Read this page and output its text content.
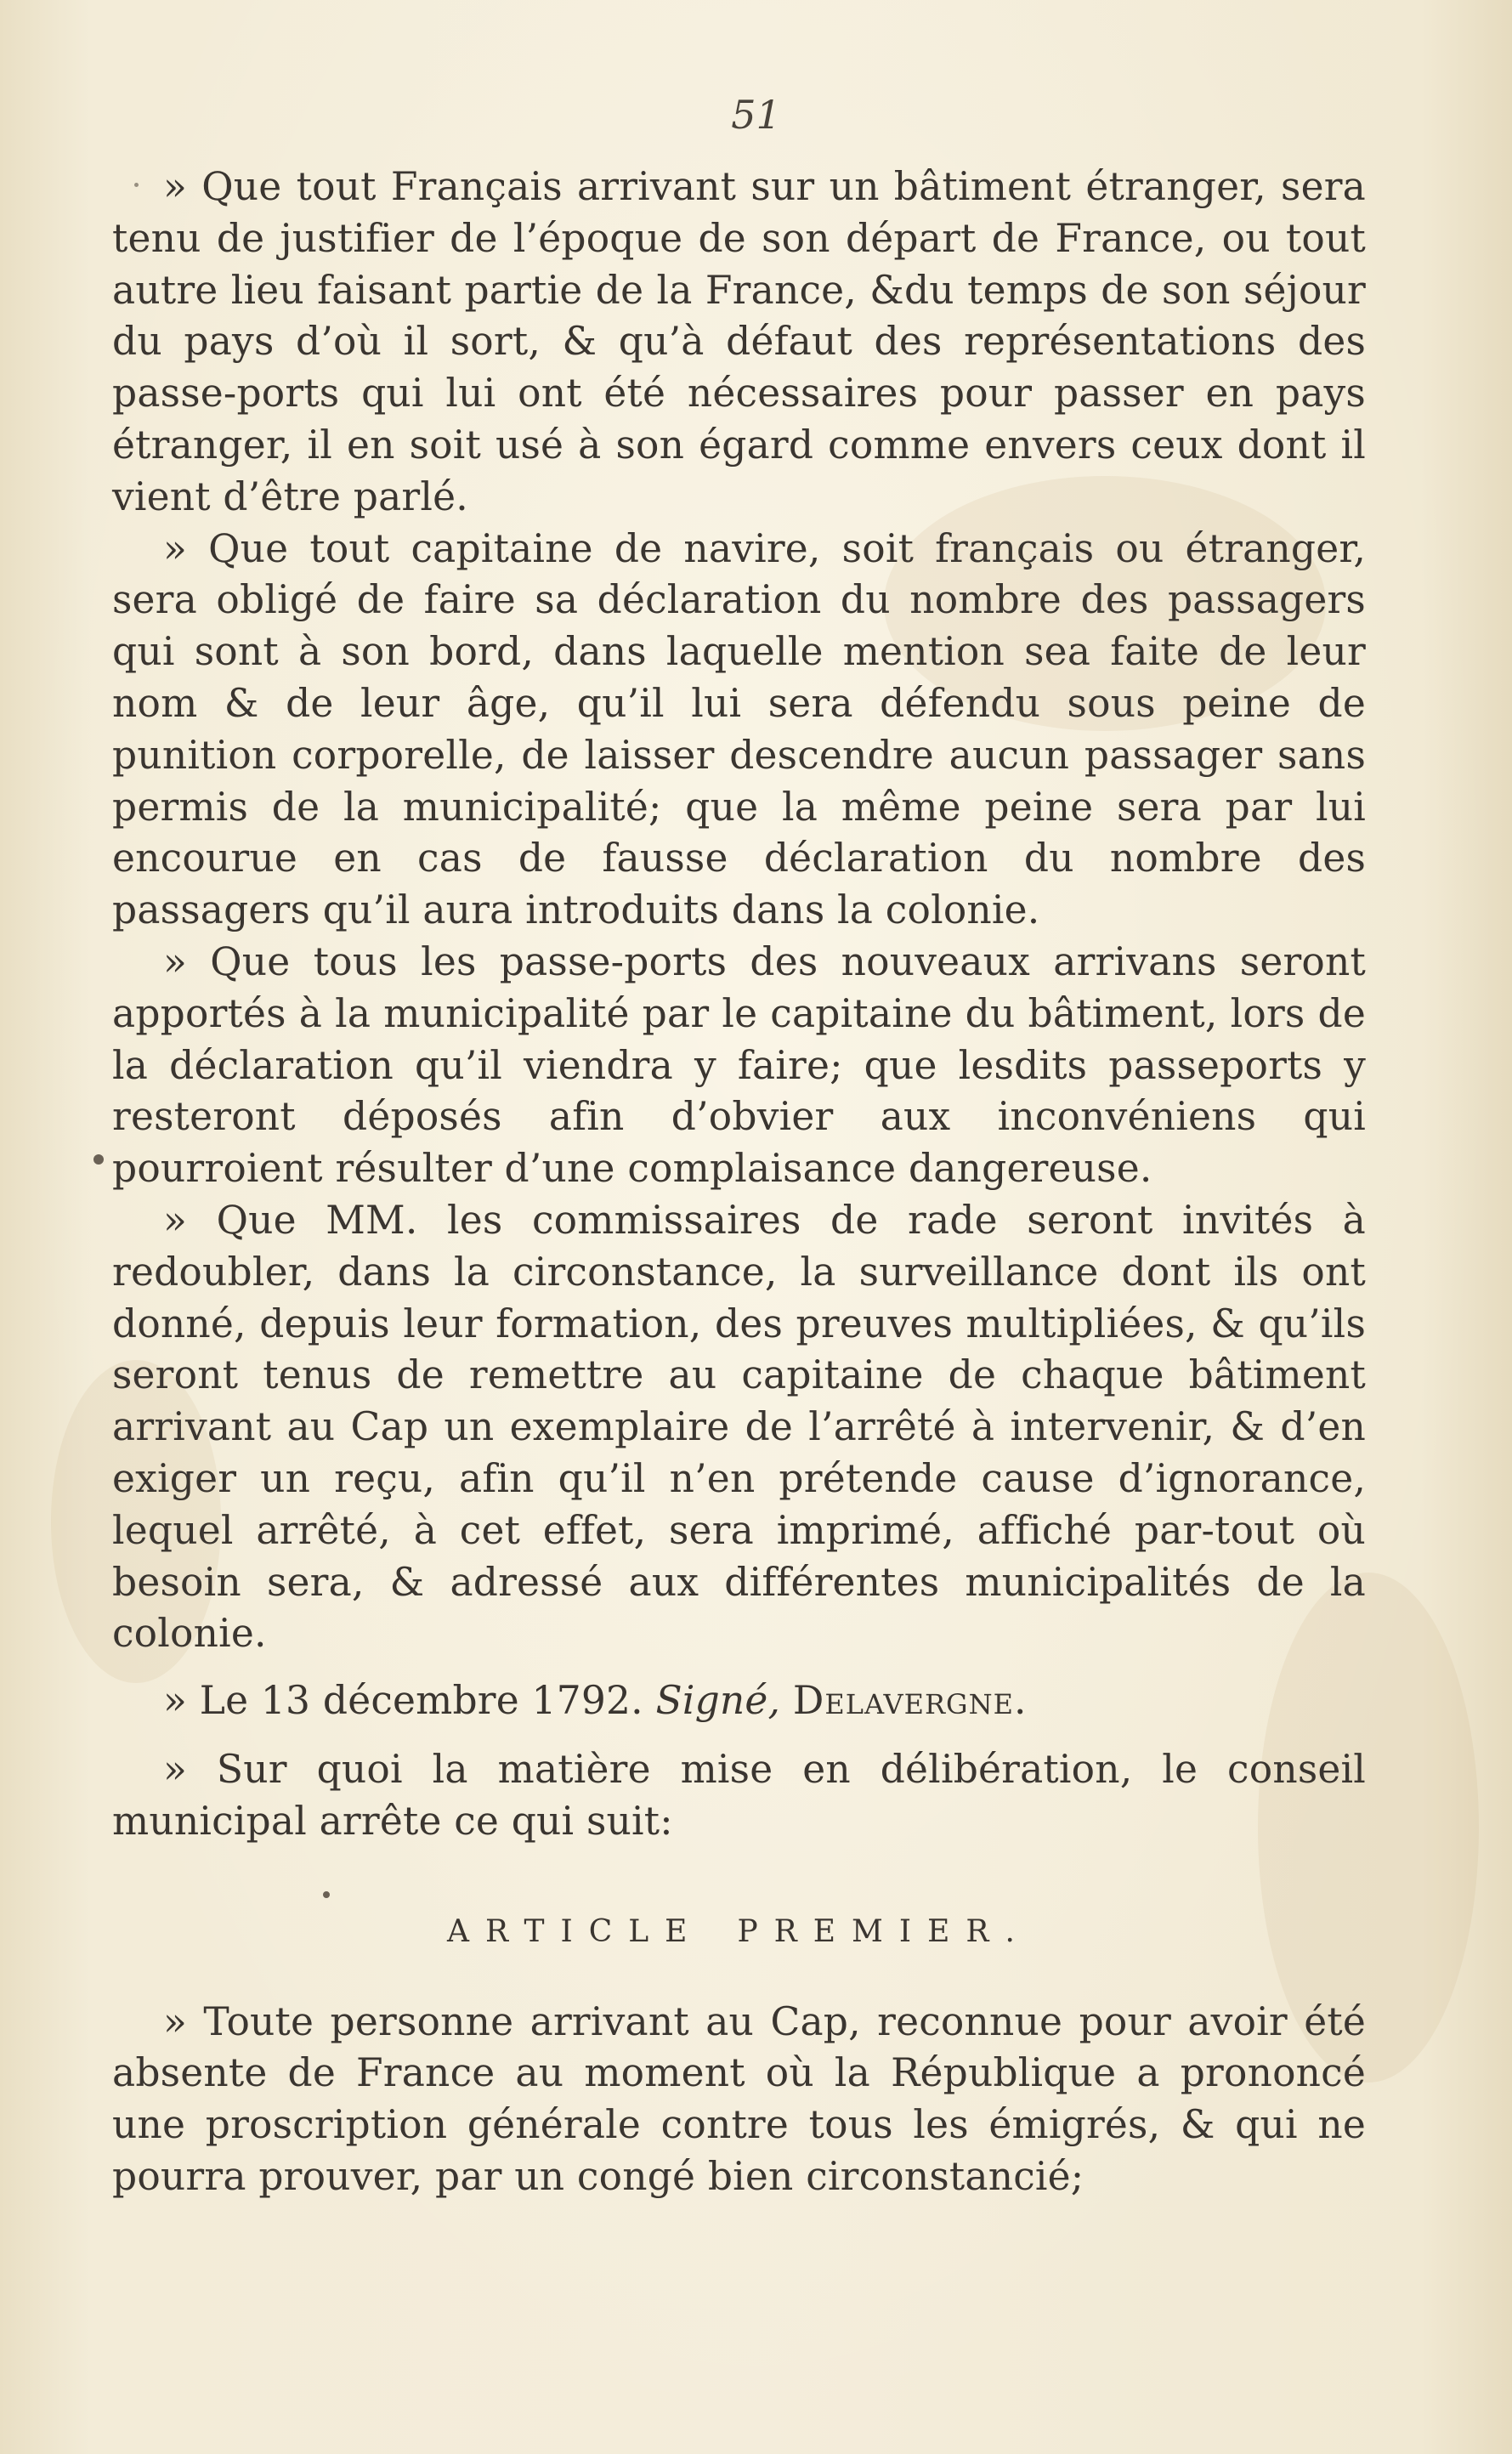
51

» Que tout Français arrivant sur un bâtiment étranger, sera tenu de justifier de l’époque de son départ de France, ou tout autre lieu faisant partie de la France, &du temps de son séjour du pays d’où il sort, & qu’à défaut des représentations des passe-ports qui lui ont été nécessaires pour passer en pays étranger, il en soit usé à son égard comme envers ceux dont il vient d’être parlé.

» Que tout capitaine de navire, soit français ou étranger, sera obligé de faire sa déclaration du nombre des passagers qui sont à son bord, dans laquelle mention sea faite de leur nom & de leur âge, qu’il lui sera défendu sous peine de punition corporelle, de laisser descendre aucun passager sans permis de la municipalité; que la même peine sera par lui encourue en cas de fausse déclaration du nombre des passagers qu’il aura introduits dans la colonie.

» Que tous les passe-ports des nouveaux arrivans seront apportés à la municipalité par le capitaine du bâtiment, lors de la déclaration qu’il viendra y faire; que lesdits passeports y resteront déposés afin d’obvier aux inconvéniens qui pourroient résulter d’une complaisance dangereuse.

» Que MM. les commissaires de rade seront invités à redoubler, dans la circonstance, la surveillance dont ils ont donné, depuis leur formation, des preuves multipliées, & qu’ils seront tenus de remettre au capitaine de chaque bâtiment arrivant au Cap un exemplaire de l’arrêté à intervenir, & d’en exiger un reçu, afin qu’il n’en prétende cause d’ignorance, lequel arrêté, à cet effet, sera imprimé, affiché par-tout où besoin sera, & adressé aux différentes municipalités de la colonie.

» Le 13 décembre 1792. Signé, Delavergne.

» Sur quoi la matière mise en délibération, le conseil municipal arrête ce qui suit:

ARTICLE PREMIER.

» Toute personne arrivant au Cap, reconnue pour avoir été absente de France au moment où la République a prononcé une proscription générale contre tous les émigrés, & qui ne pourra prouver, par un congé bien circonstancié;
